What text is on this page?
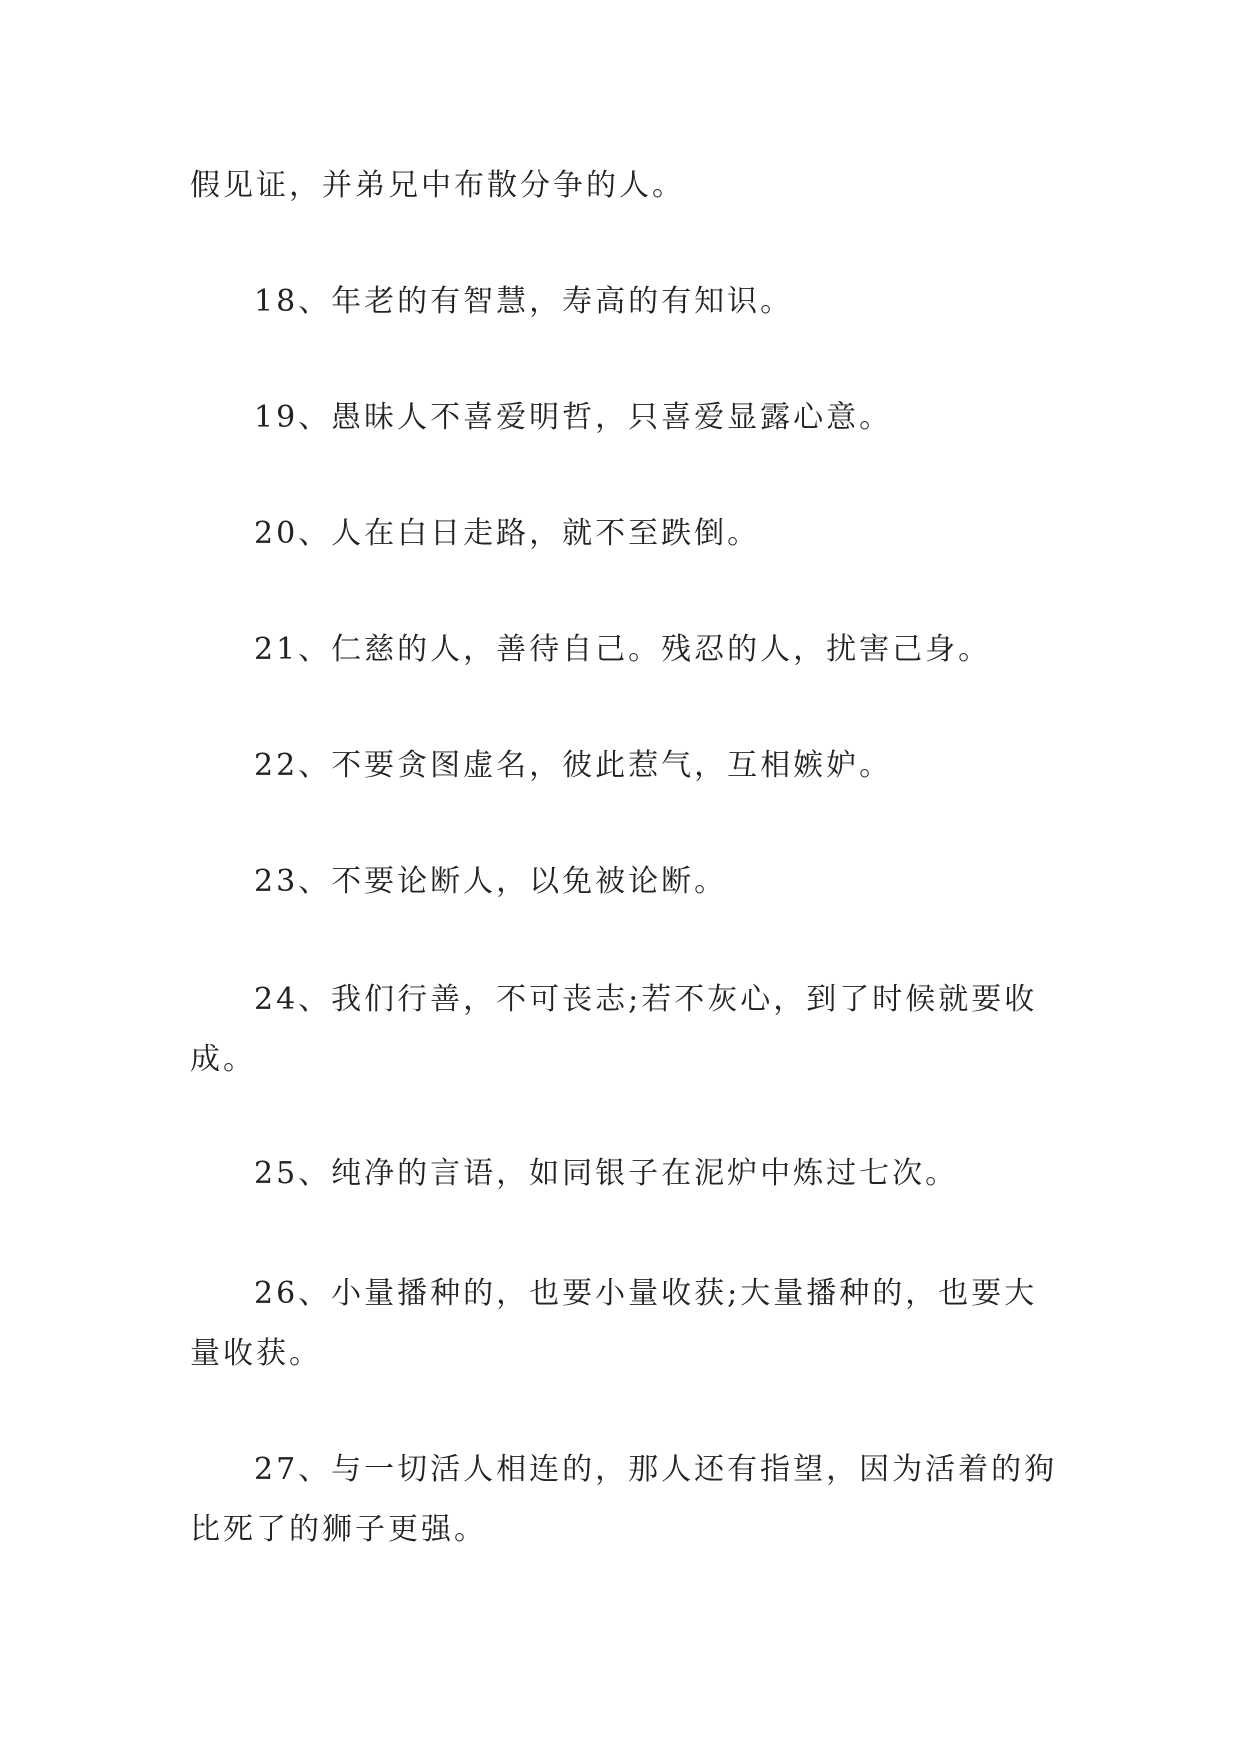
假见证，并弟兄中布散分争的人。

18、年老的有智慧，寿高的有知识。

19、愚昧人不喜爱明哲，只喜爱显露心意。

20、人在白日走路，就不至跌倒。

21、仁慈的人，善待自己。残忍的人，扰害己身。

22、不要贪图虚名，彼此惹气，互相嫉妒。

23、不要论断人，以免被论断。

24、我们行善，不可丧志;若不灰心，到了时候就要收成。

25、纯净的言语，如同银子在泥炉中炼过七次。

26、小量播种的，也要小量收获;大量播种的，也要大量收获。

27、与一切活人相连的，那人还有指望，因为活着的狗比死了的狮子更强。
